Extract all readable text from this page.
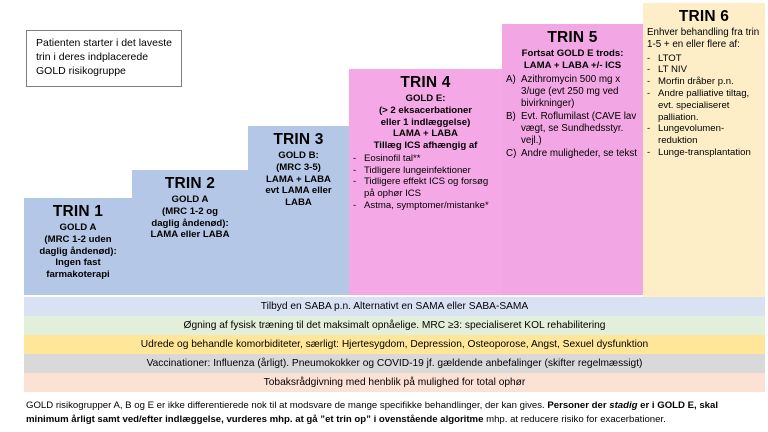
Patienten starter i det laveste trin i deres indplacerede GOLD risikogruppe
TRIN 1
GOLD A
(MRC 1-2 uden
daglig åndenød):
Ingen fast
farmakoterapi
TRIN 2
GOLD A
(MRC 1-2 og
daglig åndenød):
LAMA eller LABA
TRIN 3
GOLD B:
(MRC 3-5)
LAMA + LABA
evt LAMA eller
LABA
TRIN 4
GOLD E:
(> 2 eksacerbationer
eller 1 indlæggelse)
LAMA + LABA
Tillæg ICS afhængig af
- Eosinofil tal**
- Tidligere lungeinfektioner
- Tidligere effekt ICS og forsøg på ophør ICS
- Astma, symptomer/mistanke*
TRIN 5
Fortsat GOLD E trods:
LAMA + LABA +/- ICS
A) Azithromycin 500 mg x 3/uge (evt 250 mg ved bivirkninger)
B) Evt. Roflumilast (CAVE lav vægt, se Sundhedsstyr. vejl.)
C) Andre muligheder, se tekst
TRIN 6
Enhver behandling fra trin 1-5 + en eller flere af:
- LTOT
- LT NIV
- Morfin dråber p.n.
- Andre palliative tiltag, evt. specialiseret palliation.
- Lungevolumen-reduktion
- Lunge-transplantation
Tilbyd en SABA p.n. Alternativt en SAMA eller SABA-SAMA
Øgning af fysisk træning til det maksimalt opnåelige. MRC ≥3: specialiseret KOL rehabilitering
Udrede og behandle komorbiditeter, særligt: Hjertesygdom, Depression, Osteoporose, Angst, Sexuel dysfunktion
Vaccinationer: Influenza (årligt). Pneumokokker og COVID-19 jf. gældende anbefalinger (skifter regelmæssigt)
Tobaksrådgivning med henblik på mulighed for total ophør
GOLD risikogrupper A, B og E er ikke differentierede nok til at modsvare de mange specifikke behandlinger, der kan gives. Personer der stadig er i GOLD E, skal minimum årligt samt ved/efter indlæggelse, vurderes mhp. at gå ”et trin op” i ovenstående algoritme mhp. at reducere risiko for exacerbationer.
